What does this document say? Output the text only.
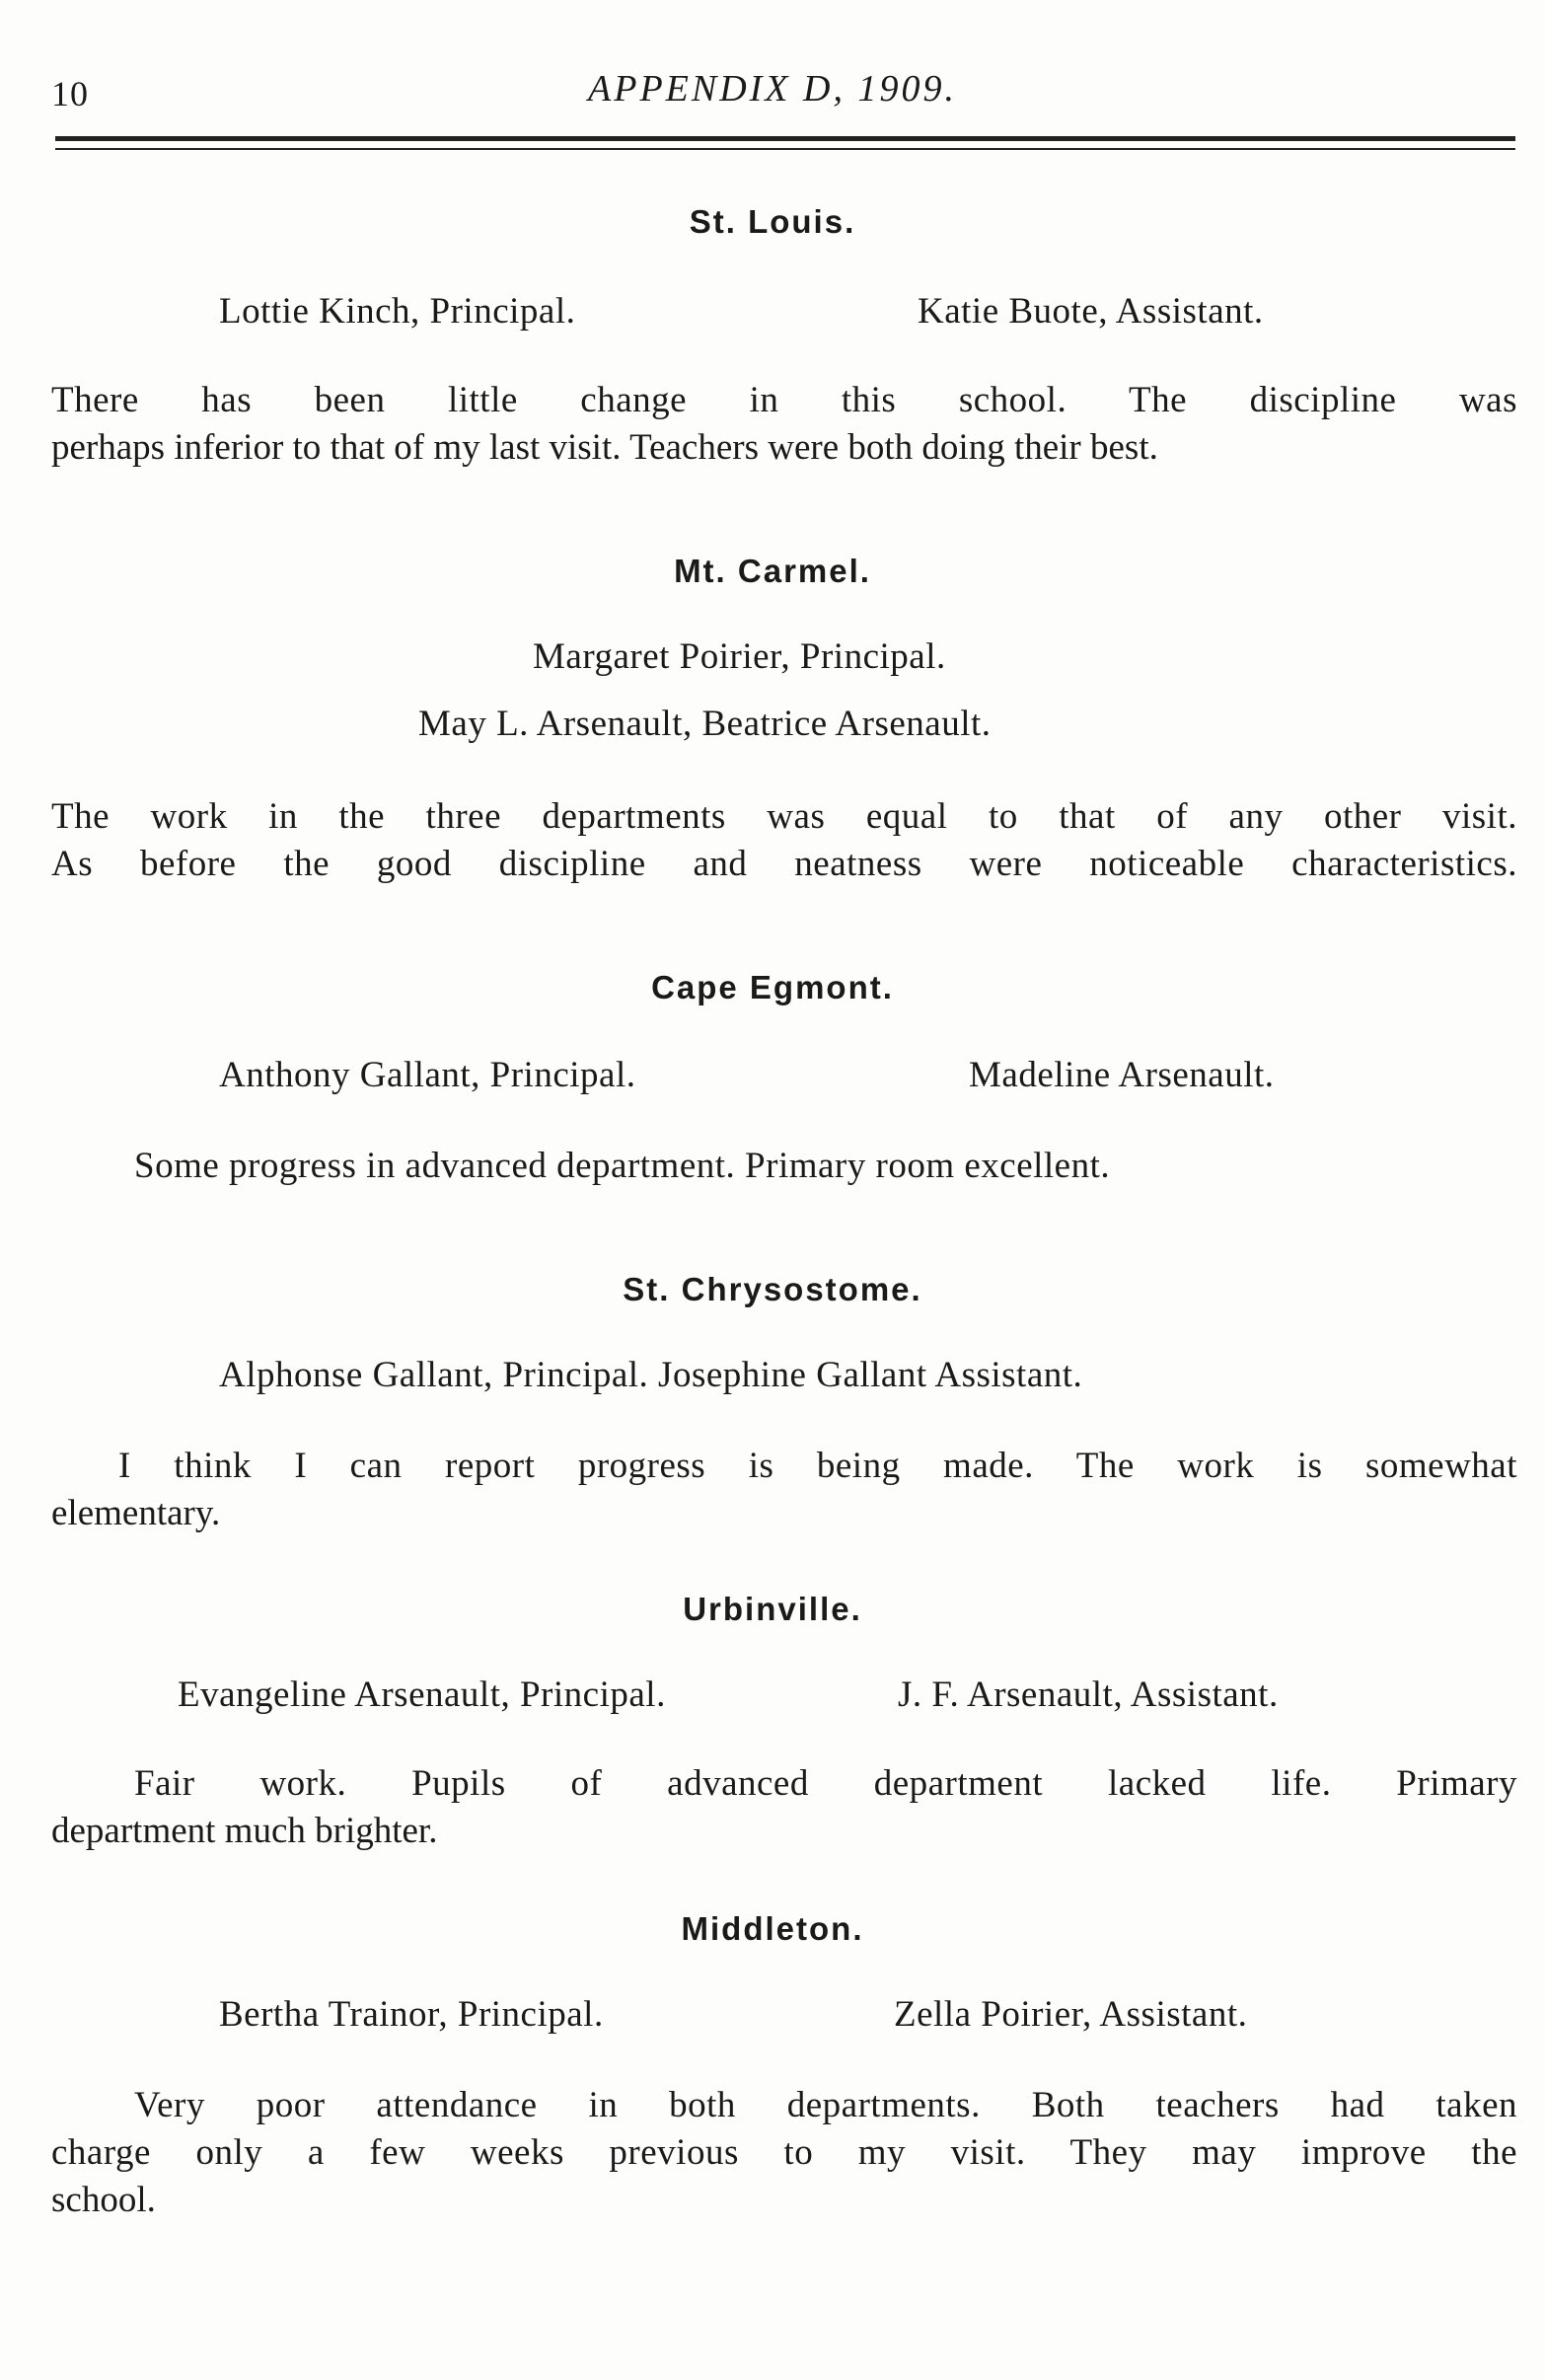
10	APPENDIX D, 1909.
St. Louis.
Lottie Kinch, Principal.	Katie Buote, Assistant.
There has been little change in this school. The discipline was
perhaps inferior to that of my last visit. Teachers were both doing their best.
Mt. Carmel.
Margaret Poirier, Principal.
May L. Arsenault, Beatrice Arsenault.
The work in the three departments was equal to that of any other visit.
As before the good discipline and neatness were noticeable characteristics.
Cape Egmont.
Anthony Gallant, Principal.	Madeline Arsenault.
Some progress in advanced department. Primary room excellent.
St. Chrysostome.
Alphonse Gallant, Principal. Josephine Gallant Assistant.
I think I can report progress is being made. The work is somewhat
elementary.
Urbinville.
Evangeline Arsenault, Principal.	J. F. Arsenault, Assistant.
Fair work. Pupils of advanced department lacked life. Primary
department much brighter.
Middleton.
Bertha Trainor, Principal.	Zella Poirier, Assistant.
Very poor attendance in both departments. Both teachers had taken
charge only a few weeks previous to my visit. They may improve the
school.
